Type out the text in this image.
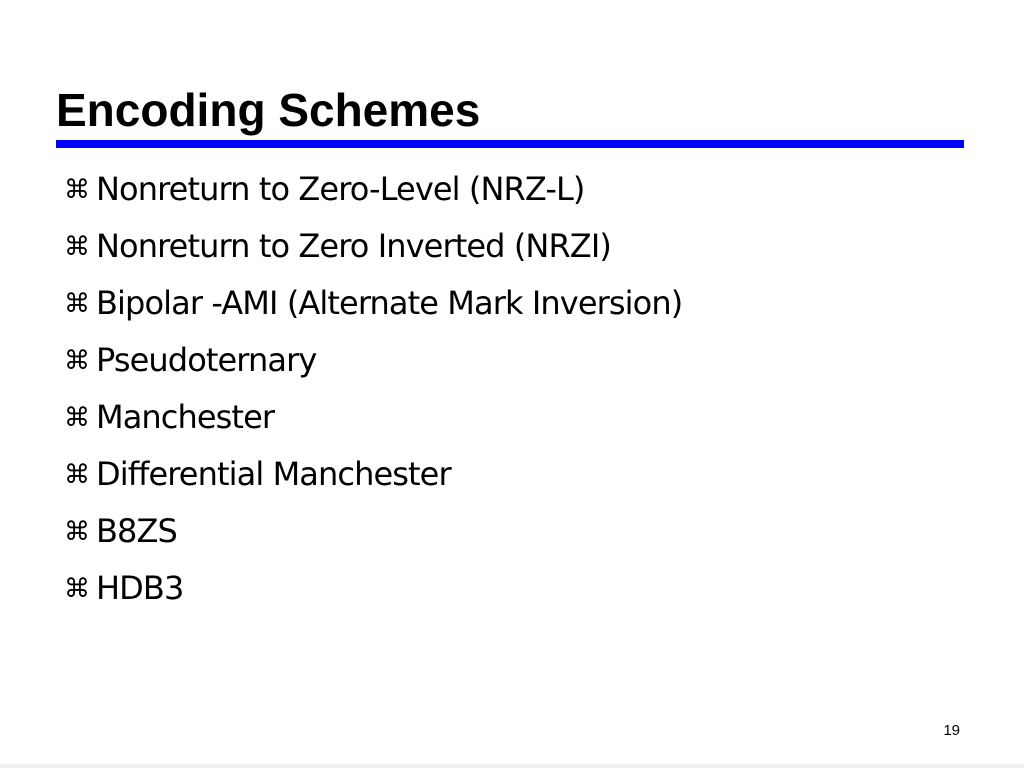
Encoding Schemes
⌘ Nonreturn to Zero-Level (NRZ-L)
⌘ Nonreturn to Zero Inverted (NRZI)
⌘ Bipolar -AMI (Alternate Mark Inversion)
⌘ Pseudoternary
⌘ Manchester
⌘ Differential Manchester
⌘ B8ZS
⌘ HDB3
19
